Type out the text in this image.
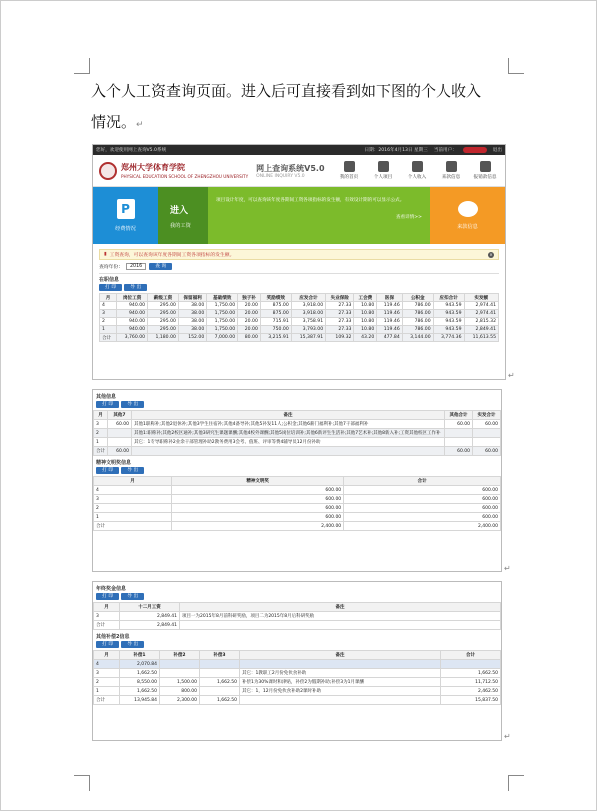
入个人工资查询页面。进入后可直接看到如下图的个人收入
情况。↵
您好，欢迎使用网上查询V5.0系统	日期：2016年4月13日 星期三 当前用户：	退出
郑州大学体育学院
PHYSICAL EDUCATION SCHOOL OF ZHENGZHOU UNIVERSITY
网上查询系统V5.0
ONLINE INQUIRY V5.0	我的首页	个人项目	个人收入	来款信息	报销款信息
P
经费情况
进入
我的工资
项目设计年度，可以查询该年度各期间工资各项指标的发生额，有效设计期的可以显示公式。
查看详情>>
来款信息
▮ 工资查询，可以查询该年度各期间工资各项指标的发生额。	×
查询年份：	2016	查 询
在职信息
打 印	导 出
月	岗位工资	薪级工资	保留福利	基础绩效	独子补	奖励绩效	应发合计	失业保险	工会费	医保	公积金	应扣合计	实发额
4	940.00	295.00	38.00	1,750.00	20.00	875.00	3,918.00	27.33	10.80	119.46	786.00	943.59	2,974.41
3	940.00	295.00	38.00	1,750.00	20.00	875.00	3,918.00	27.33	10.80	119.46	786.00	943.59	2,974.41
2	940.00	295.00	38.00	1,750.00	20.00	715.91	3,758.91	27.33	10.80	119.46	786.00	943.59	2,815.32
1	940.00	295.00	38.00	1,750.00	20.00	750.00	3,793.00	27.33	10.80	119.46	786.00	943.59	2,849.41
合计	3,760.00	1,180.00	152.00	7,000.00	80.00	3,215.91	15,387.91	109.32	43.20	477.84	3,144.00	3,774.36	11,613.55
↵
其他信息
打 印	导 出
月	其他7	备注	其他合计	实发合计
3	60.00	其他1职称补;其他2退休补;其他3学生住宿补;其他4备导补;其他5补发11人;公积金;其他6薪门福利补;其他7干部福利补	60.00	60.00
2		其他1:职称补;其他2校区通补;其他3研究生课题课酬;其他4校外课酬;其他5岗位培训补;其他6新评生生活补;其他7艺术补;其他8新入补;工资其他校区工作补		
1		其它：1专导职称补2业余干部管理补助2教务费用3会考、值班、评审等费4辅导员12月份补助		
合计	60.00		60.00	60.00
精神文明奖信息
打 印	导 出
月	精神文明奖	合计
4	600.00	600.00
3	600.00	600.00
2	600.00	600.00
1	600.00	600.00
合计	2,400.00	2,400.00
↵
年终奖金信息
打 印	导 出
月	十二月工资	备注
3	2,849.41	项目一为2015年8月前科研奖励，项目二为2015年8月后科研奖励
合计	2,849.41	
其他补偿2信息
打 印	导 出
月	补偿1	补偿2	补偿3	备注	合计
4	2,070.84				
3	1,662.50			其它：1教职工2月份免伙食补助	1,662.50
2	8,550.00	1,500.00	1,662.50	补偿1为30%课时和津贴，补偿2为假期补助;补偿3为1月课酬	11,712.50
1	1,662.50	800.00		其它：1，12月份免伙食补助2课时补助	2,462.50
合计	13,945.84	2,300.00	1,662.50		15,837.50
↵
